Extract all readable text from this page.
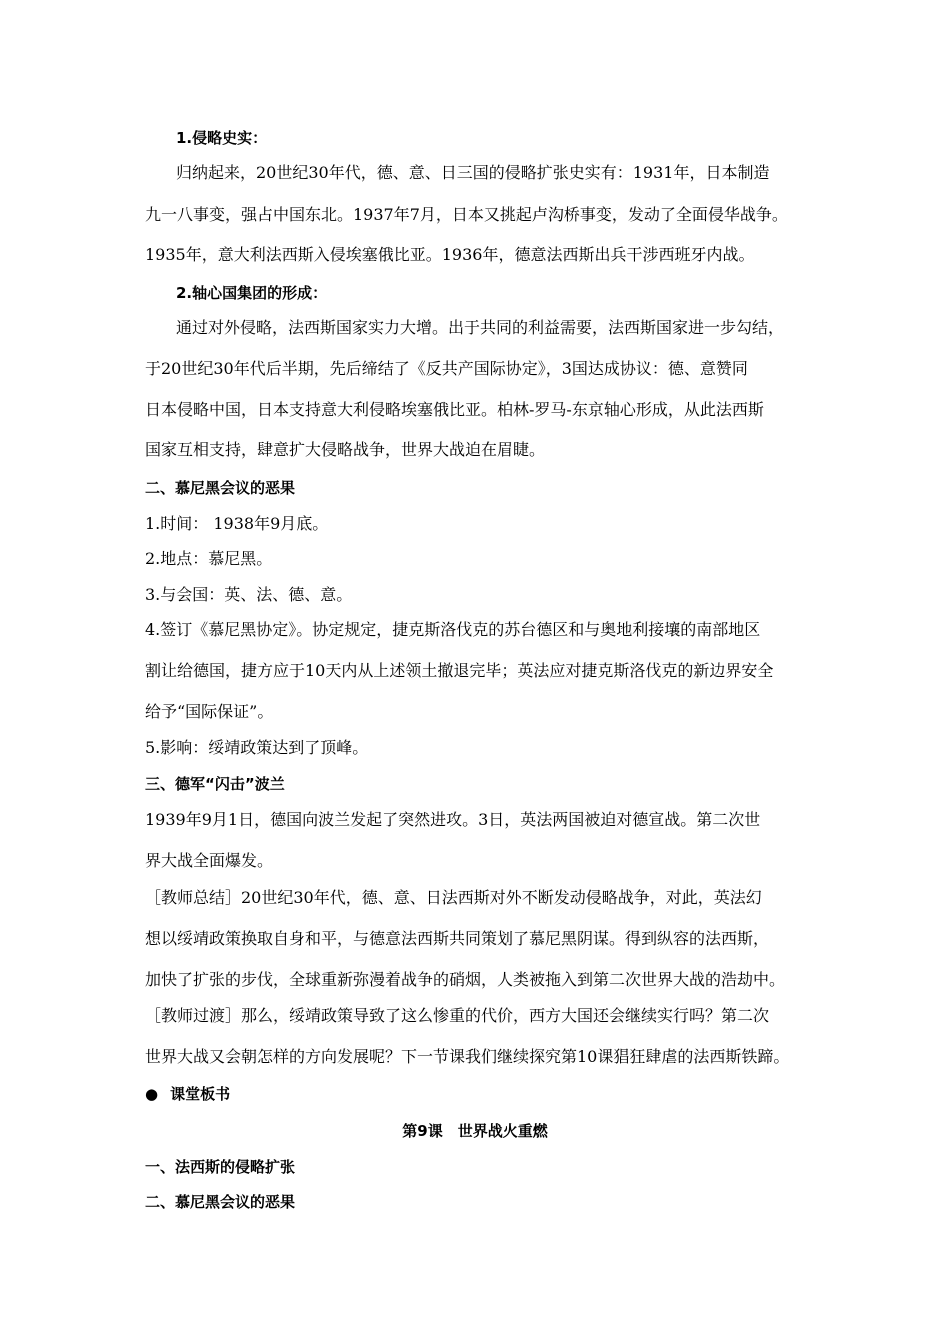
1.侵略史实：
归纳起来，20世纪30年代，德、意、日三国的侵略扩张史实有：1931年，日本制造
九一八事变，强占中国东北。1937年7月，日本又挑起卢沟桥事变，发动了全面侵华战争。
1935年，意大利法西斯入侵埃塞俄比亚。1936年，德意法西斯出兵干涉西班牙内战。
2.轴心国集团的形成：
通过对外侵略，法西斯国家实力大增。出于共同的利益需要，法西斯国家进一步勾结，
于20世纪30年代后半期，先后缔结了《反共产国际协定》，3国达成协议：德、意赞同
日本侵略中国，日本支持意大利侵略埃塞俄比亚。柏林-罗马-东京轴心形成，从此法西斯
国家互相支持，肆意扩大侵略战争，世界大战迫在眉睫。
二、慕尼黑会议的恶果
1.时间： 1938年9月底。
2.地点：慕尼黑。
3.与会国：英、法、德、意。
4.签订《慕尼黑协定》。协定规定，捷克斯洛伐克的苏台德区和与奥地利接壤的南部地区
割让给德国，捷方应于10天内从上述领土撤退完毕；英法应对捷克斯洛伐克的新边界安全
给予“国际保证”。
5.影响：绥靖政策达到了顶峰。
三、德军“闪击”波兰
1939年9月1日，德国向波兰发起了突然进攻。3日，英法两国被迫对德宣战。第二次世
界大战全面爆发。
［教师总结］20世纪30年代，德、意、日法西斯对外不断发动侵略战争，对此，英法幻
想以绥靖政策换取自身和平，与德意法西斯共同策划了慕尼黑阴谋。得到纵容的法西斯，
加快了扩张的步伐，全球重新弥漫着战争的硝烟，人类被拖入到第二次世界大战的浩劫中。
［教师过渡］那么，绥靖政策导致了这么惨重的代价，西方大国还会继续实行吗？第二次
世界大战又会朝怎样的方向发展呢？下一节课我们继续探究第10课猖狂肆虐的法西斯铁蹄。
● 课堂板书
第9课　世界战火重燃
一、法西斯的侵略扩张
二、慕尼黑会议的恶果
